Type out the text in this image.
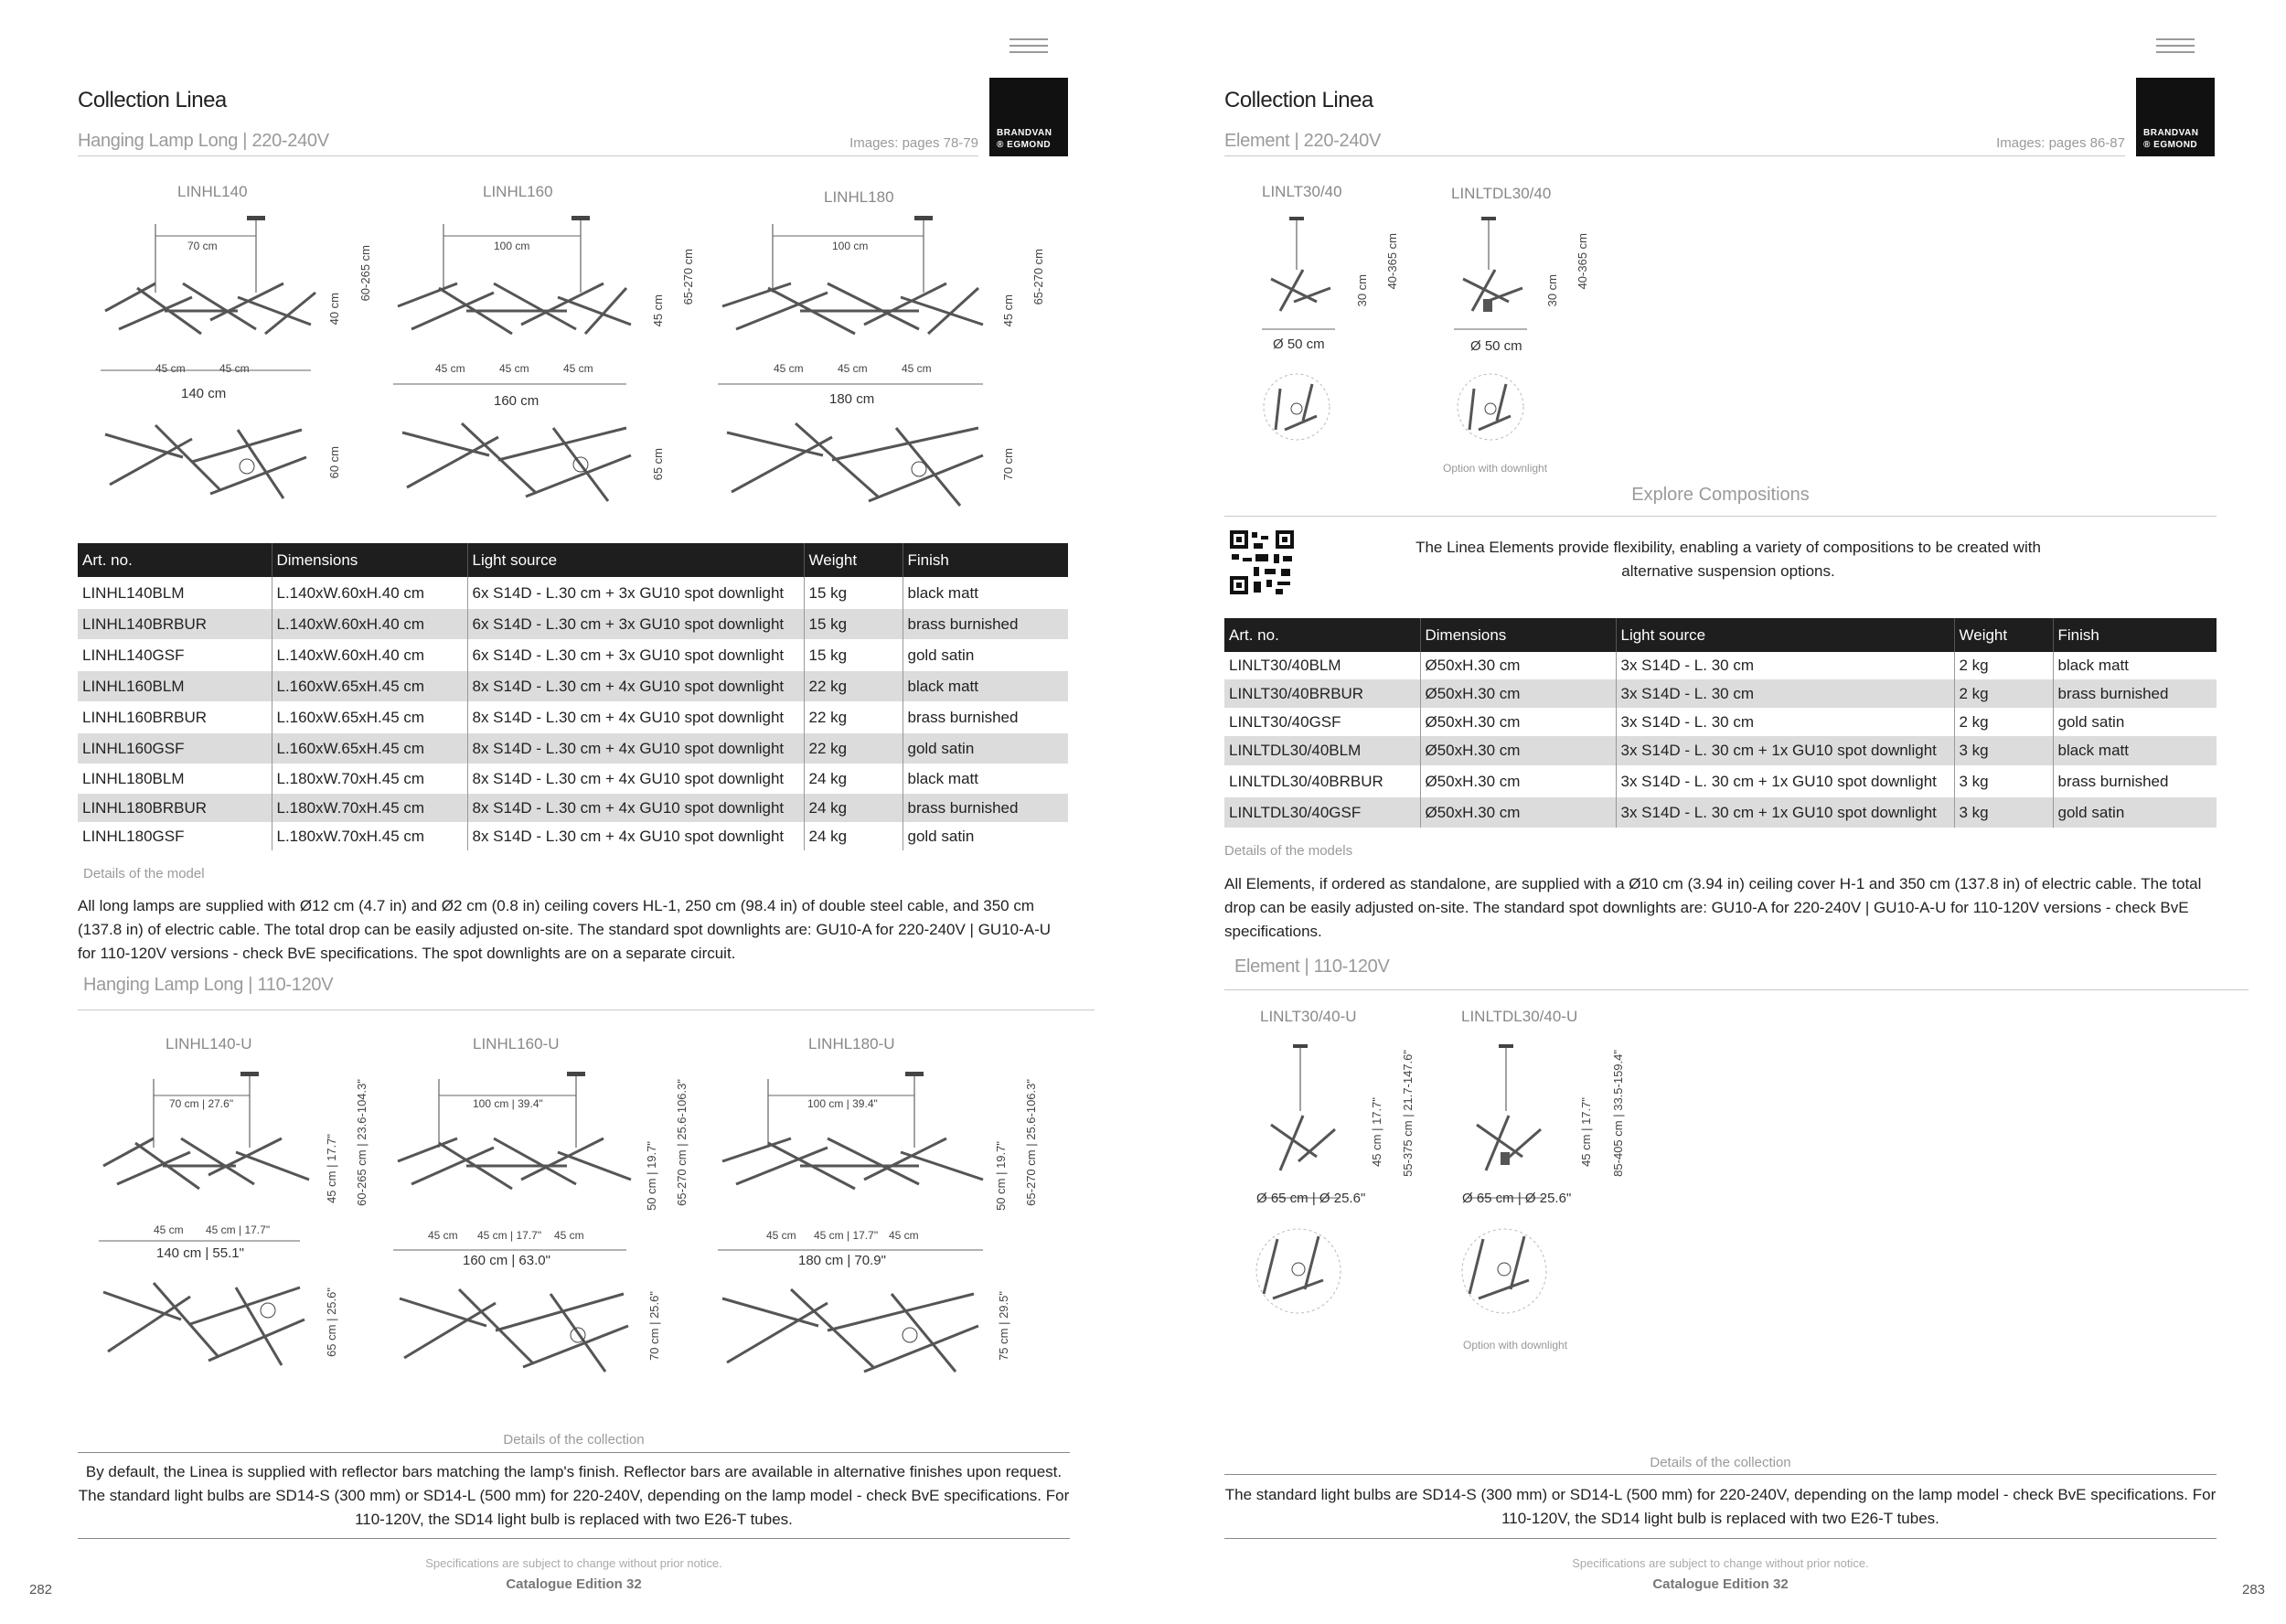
Collection Linea
Hanging Lamp Long | 220-240V	Images: pages 78-79
BRANDVAN
® EGMOND
LINHL140	LINHL160	LINHL180
70 cm	100 cm	100 cm
40 cm
60-265 cm
45 cm
65-270 cm
45 cm
65-270 cm
45 cm	45 cm	45 cm	45 cm	45 cm	45 cm	45 cm	45 cm
140 cm	160 cm	180 cm
60 cm	65 cm	70 cm
Art. no.	Dimensions	Light source	Weight	Finish
LINHL140BLM	L.140xW.60xH.40 cm	6x S14D - L.30 cm + 3x GU10 spot downlight	15 kg	black matt
LINHL140BRBUR	L.140xW.60xH.40 cm	6x S14D - L.30 cm + 3x GU10 spot downlight	15 kg	brass burnished
LINHL140GSF	L.140xW.60xH.40 cm	6x S14D - L.30 cm + 3x GU10 spot downlight	15 kg	gold satin
LINHL160BLM	L.160xW.65xH.45 cm	8x S14D - L.30 cm + 4x GU10 spot downlight	22 kg	black matt
LINHL160BRBUR	L.160xW.65xH.45 cm	8x S14D - L.30 cm + 4x GU10 spot downlight	22 kg	brass burnished
LINHL160GSF	L.160xW.65xH.45 cm	8x S14D - L.30 cm + 4x GU10 spot downlight	22 kg	gold satin
LINHL180BLM	L.180xW.70xH.45 cm	8x S14D - L.30 cm + 4x GU10 spot downlight	24 kg	black matt
LINHL180BRBUR	L.180xW.70xH.45 cm	8x S14D - L.30 cm + 4x GU10 spot downlight	24 kg	brass burnished
LINHL180GSF	L.180xW.70xH.45 cm	8x S14D - L.30 cm + 4x GU10 spot downlight	24 kg	gold satin
Details of the model
All long lamps are supplied with Ø12 cm (4.7 in) and Ø2 cm (0.8 in) ceiling covers HL-1, 250 cm (98.4 in) of double steel cable, and 350 cm (137.8 in) of electric cable. The total drop can be easily adjusted on-site. The standard spot downlights are: GU10-A for 220-240V | GU10-A-U for 110-120V versions - check BvE specifications. The spot downlights are on a separate circuit.
Hanging Lamp Long | 110-120V
LINHL140-U	LINHL160-U	LINHL180-U
70 cm | 27.6"	100 cm | 39.4"	100 cm | 39.4"
45 cm | 17.7" 60-265 cm | 23.6-104.3"	50 cm | 19.7" 65-270 cm | 25.6-106.3"	50 cm | 19.7" 65-270 cm | 25.6-106.3"
45 cm 45 cm | 17.7"	45 cm 45 cm | 17.7" 45 cm	45 cm 45 cm | 17.7" 45 cm
140 cm | 55.1"	160 cm | 63.0"	180 cm | 70.9"
65 cm | 25.6"	70 cm | 25.6"	75 cm | 29.5"
Details of the collection
By default, the Linea is supplied with reflector bars matching the lamp's finish. Reflector bars are available in alternative finishes upon request. The standard light bulbs are SD14-S (300 mm) or SD14-L (500 mm) for 220-240V, depending on the lamp model - check BvE specifications. For 110-120V, the SD14 light bulb is replaced with two E26-T tubes.
Specifications are subject to change without prior notice.
Catalogue Edition 32
282
Collection Linea
Element | 220-240V	Images: pages 86-87
BRANDVAN
® EGMOND
LINLT30/40	LINLTDL30/40
30 cm
40-365 cm
30 cm
40-365 cm
Ø 50 cm	Ø 50 cm
Option with downlight
Explore Compositions
The Linea Elements provide flexibility, enabling a variety of compositions to be created with alternative suspension options.
Art. no.	Dimensions	Light source	Weight	Finish
LINLT30/40BLM	Ø50xH.30 cm	3x S14D - L. 30 cm	2 kg	black matt
LINLT30/40BRBUR	Ø50xH.30 cm	3x S14D - L. 30 cm	2 kg	brass burnished
LINLT30/40GSF	Ø50xH.30 cm	3x S14D - L. 30 cm	2 kg	gold satin
LINLTDL30/40BLM	Ø50xH.30 cm	3x S14D - L. 30 cm + 1x GU10 spot downlight	3 kg	black matt
LINLTDL30/40BRBUR	Ø50xH.30 cm	3x S14D - L. 30 cm + 1x GU10 spot downlight	3 kg	brass burnished
LINLTDL30/40GSF	Ø50xH.30 cm	3x S14D - L. 30 cm + 1x GU10 spot downlight	3 kg	gold satin
Details of the models
All Elements, if ordered as standalone, are supplied with a Ø10 cm (3.94 in) ceiling cover H-1 and 350 cm (137.8 in) of electric cable. The total drop can be easily adjusted on-site. The standard spot downlights are: GU10-A for 220-240V | GU10-A-U for 110-120V versions - check BvE specifications.
Element | 110-120V
LINLT30/40-U	LINLTDL30/40-U
45 cm | 17.7" 55-375 cm | 21.7-147.6"	45 cm | 17.7" 85-405 cm | 33.5-159.4"
Ø 65 cm | Ø 25.6"	Ø 65 cm | Ø 25.6"
Option with downlight
Details of the collection
The standard light bulbs are SD14-S (300 mm) or SD14-L (500 mm) for 220-240V, depending on the lamp model - check BvE specifications. For 110-120V, the SD14 light bulb is replaced with two E26-T tubes.
Specifications are subject to change without prior notice.
Catalogue Edition 32	283
